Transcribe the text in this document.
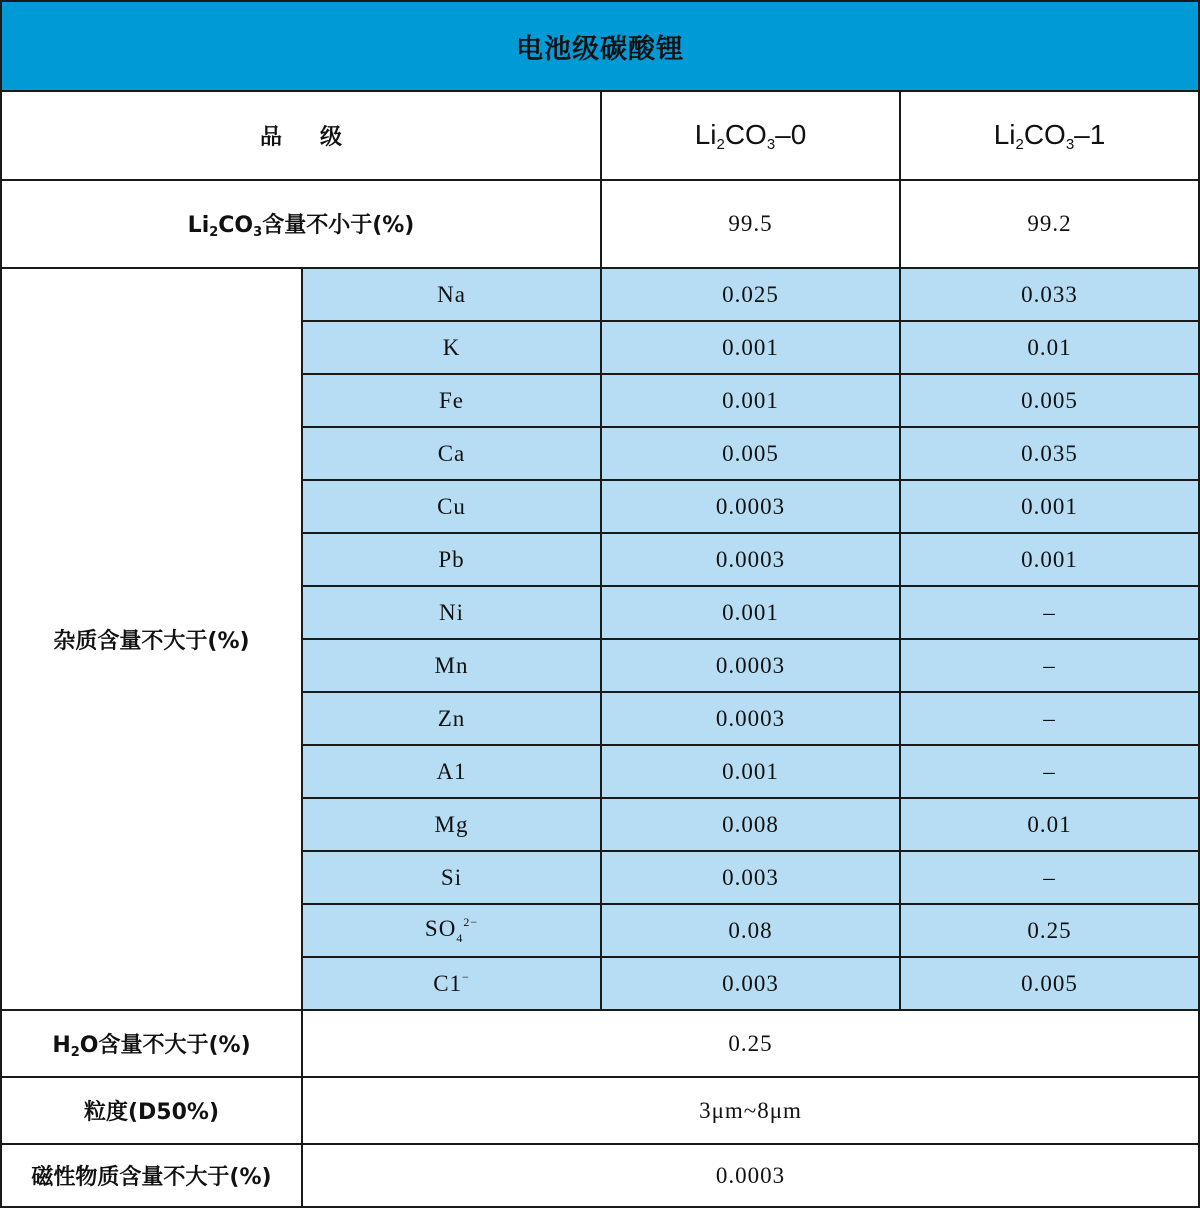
电池级碳酸锂
品级		$Li_2CO_3-0$	$Li_2CO_3-1$
$Li_2CO_3$含量不小于(%)		99.5	99.2
杂质含量不大于(%)	Na	0.025	0.033
	K	0.001	0.01
	Fe	0.001	0.005
	Ca	0.005	0.035
	Cu	0.0003	0.001
	Pb	0.0003	0.001
	Ni	0.001	–
	Mn	0.0003	–
	Zn	0.0003	–
	A1	0.001	–
	Mg	0.008	0.01
	Si	0.003	–
	$SO_4^{2-}$	0.08	0.25
	C1−	0.003	0.005
$H_2O$含量不大于(%)	0.25		
粒度(D50%)	3μm~8μm		
磁性物质含量不大于(%)	0.0003		
